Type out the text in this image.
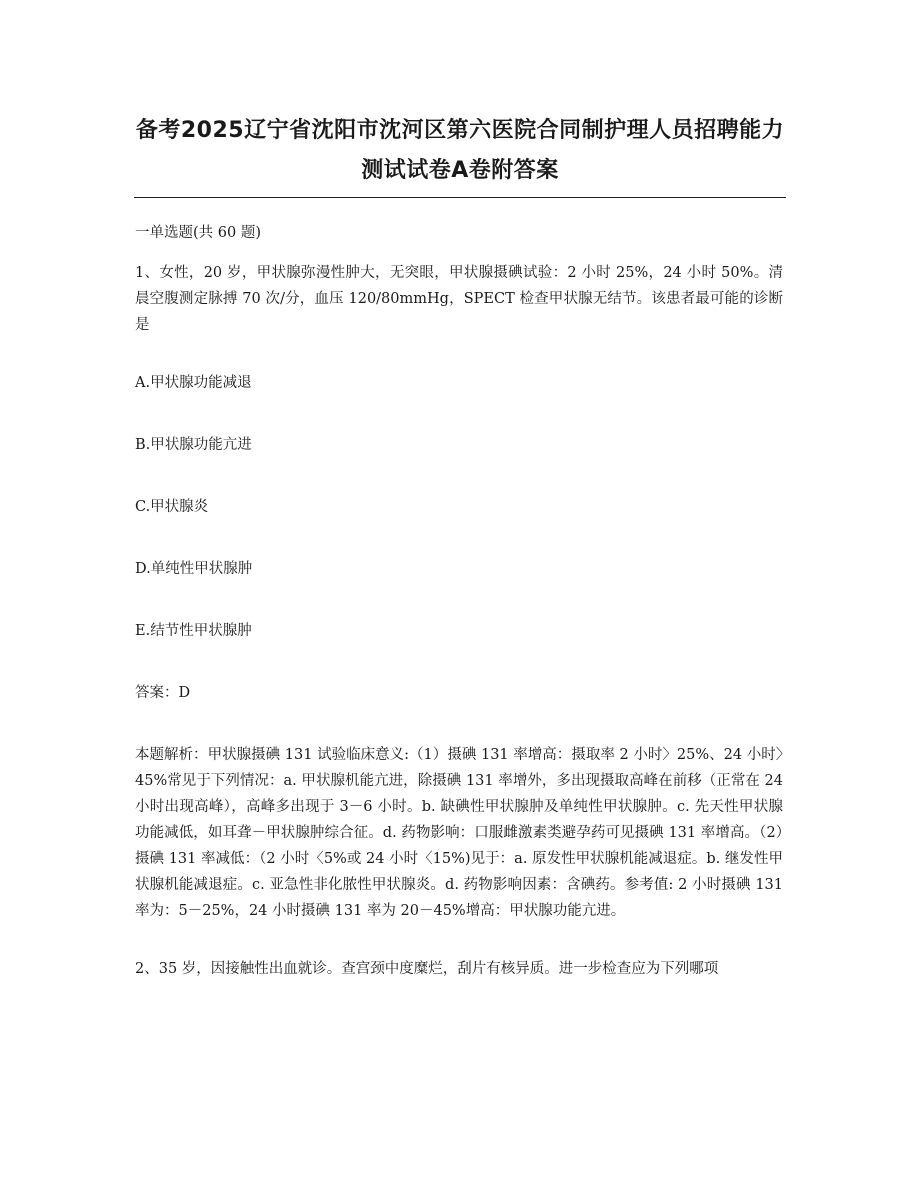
备考2025辽宁省沈阳市沈河区第六医院合同制护理人员招聘能力测试试卷A卷附答案

一单选题(共 60 题)

1、女性，20 岁，甲状腺弥漫性肿大，无突眼，甲状腺摄碘试验：2 小时 25%，24 小时 50%。清晨空腹测定脉搏 70 次/分，血压 120/80mmHg，SPECT 检查甲状腺无结节。该患者最可能的诊断是

A.甲状腺功能减退

B.甲状腺功能亢进

C.甲状腺炎

D.单纯性甲状腺肿

E.结节性甲状腺肿

答案：D

本题解析：甲状腺摄碘 131 试验临床意义:（1）摄碘 131 率增高：摄取率 2 小时〉25%、24 小时〉45%常见于下列情况：a. 甲状腺机能亢进，除摄碘 131 率增外，多出现摄取高峰在前移（正常在 24 小时出现高峰），高峰多出现于 3－6 小时。b. 缺碘性甲状腺肿及单纯性甲状腺肿。c. 先天性甲状腺功能减低，如耳聋－甲状腺肿综合征。d. 药物影响：口服雌激素类避孕药可见摄碘 131 率增高。（2）摄碘 131 率减低：（2 小时〈5%或 24 小时〈15%)见于：a. 原发性甲状腺机能减退症。b. 继发性甲状腺机能减退症。c. 亚急性非化脓性甲状腺炎。d. 药物影响因素：含碘药。参考值: 2 小时摄碘 131 率为：5－25%，24 小时摄碘 131 率为 20－45%增高：甲状腺功能亢进。

2、35 岁，因接触性出血就诊。查宫颈中度糜烂，刮片有核异质。进一步检查应为下列哪项
